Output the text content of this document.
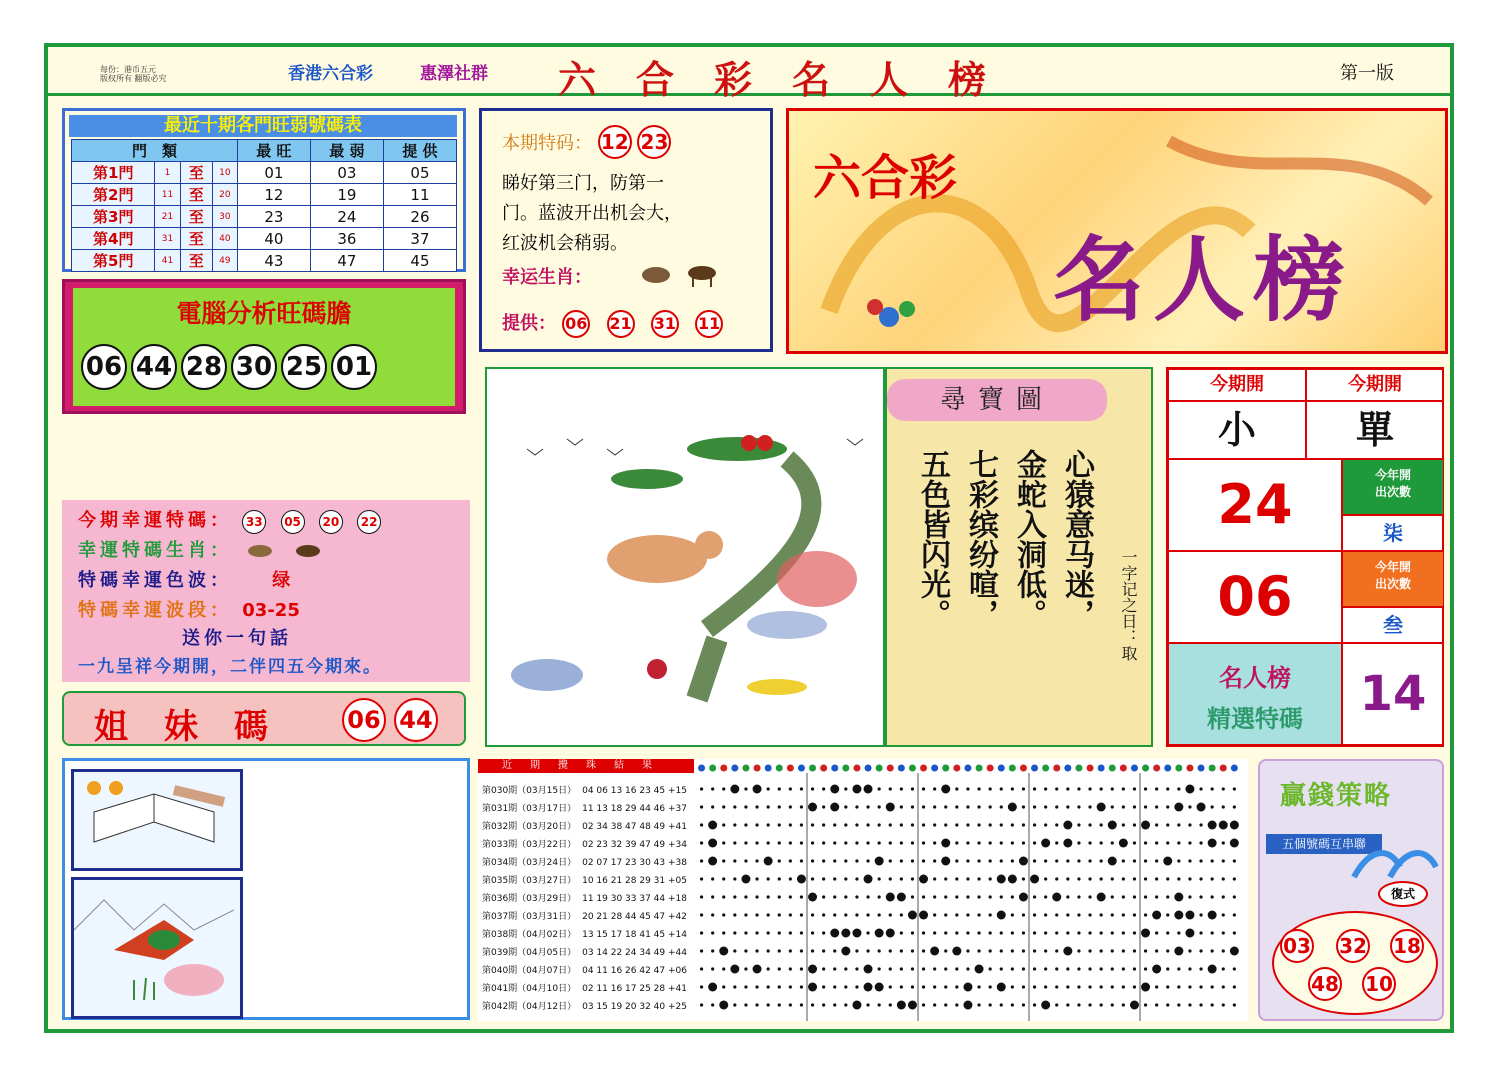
每份：港币五元
版权所有 翻版必究	香港六合彩	惠澤社群 六合彩名人榜	第一版
最近十期各門旺弱號碼表
門　類				最 旺	最 弱	提 供
第1門	1	至	10	01	03	05
第2門	11	至	20	12	19	11
第3門	21	至	30	23	24	26
第4門	31	至	40	40	36	37
第5門	41	至	49	43	47	45
電腦分析旺碼膽
06 44 28 30 25 01
本期特码： 12 23
睇好第三门，防第一
门。蓝波开出机会大，
红波机会稍弱。
幸运生肖：
提供： 06 21 31 11
六合彩
名人榜
今期幸運特碼： 33 05 20 22
幸運特碼生肖：
特碼幸運色波： 绿
特碼幸運波段： 03-25
送你一句話
一九呈祥今期開，二伴四五今期來。
姐妹碼 06 44
尋寶圖
心猿意马迷，
金蛇入洞低。
七彩缤纷喧，
五色皆闪光。	一字记之日：取
今期開	今期開
小	單
24	今年開
出次數
柒
06	今年開
出次數
叁
名人榜
精選特碼	14
近期攪珠結果
第030期（03月15日） 04 06 13 16 23 45 +15
第031期（03月17日） 11 13 18 29 44 46 +37
第032期（03月20日） 02 34 38 47 48 49 +41
第033期（03月22日） 02 23 32 39 47 49 +34
第034期（03月24日） 02 07 17 23 30 43 +38
第035期（03月27日） 10 16 21 28 29 31 +05
第036期（03月29日） 11 19 30 33 37 44 +18
第037期（03月31日） 20 21 28 44 45 47 +42
第038期（04月02日） 13 15 17 18 41 45 +14
第039期（04月05日） 03 14 22 24 34 49 +44
第040期（04月07日） 04 11 16 26 42 47 +06
第041期（04月10日） 02 11 16 17 25 28 +41
第042期（04月12日） 03 15 19 20 32 40 +25
贏錢策略
五個號碼互串聯
復式
03 32 18
48 10
